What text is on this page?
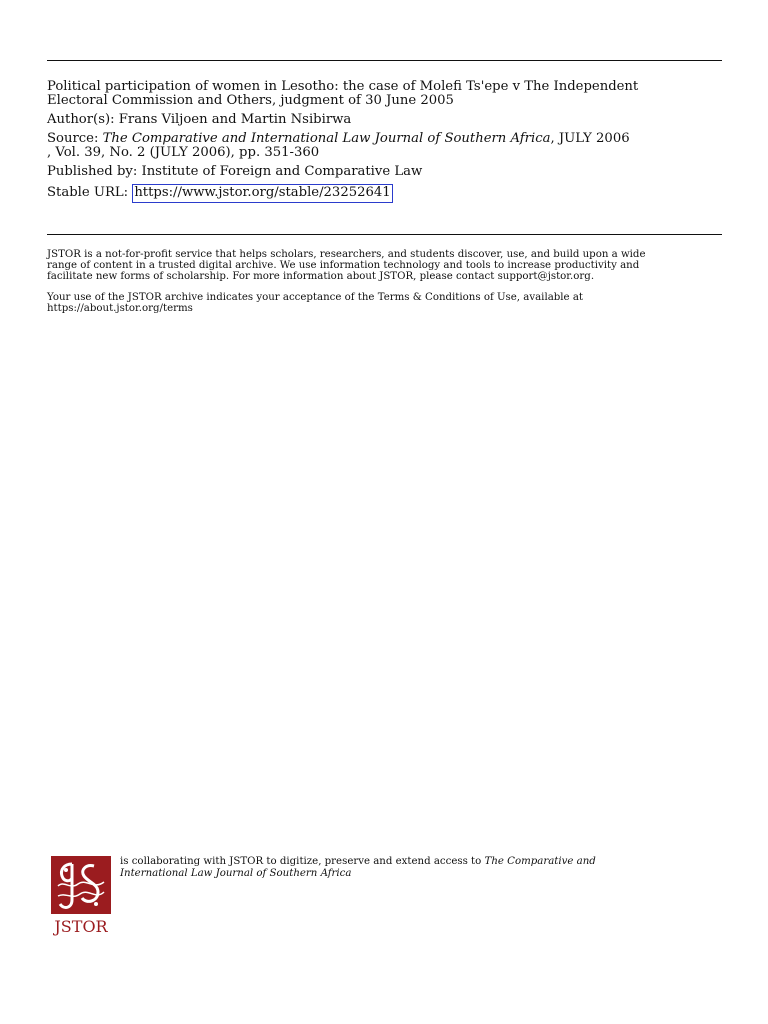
Political participation of women in Lesotho: the case of Molefi Ts'epe v The Independent
Electoral Commission and Others, judgment of 30 June 2005
Author(s): Frans Viljoen and Martin Nsibirwa
Source: The Comparative and International Law Journal of Southern Africa, JULY 2006
, Vol. 39, No. 2 (JULY 2006), pp. 351-360
Published by: Institute of Foreign and Comparative Law
Stable URL: https://www.jstor.org/stable/23252641

JSTOR is a not-for-profit service that helps scholars, researchers, and students discover, use, and build upon a wide
range of content in a trusted digital archive. We use information technology and tools to increase productivity and
facilitate new forms of scholarship. For more information about JSTOR, please contact support@jstor.org.

Your use of the JSTOR archive indicates your acceptance of the Terms & Conditions of Use, available at
https://about.jstor.org/terms

JSTOR
is collaborating with JSTOR to digitize, preserve and extend access to The Comparative and
International Law Journal of Southern Africa
